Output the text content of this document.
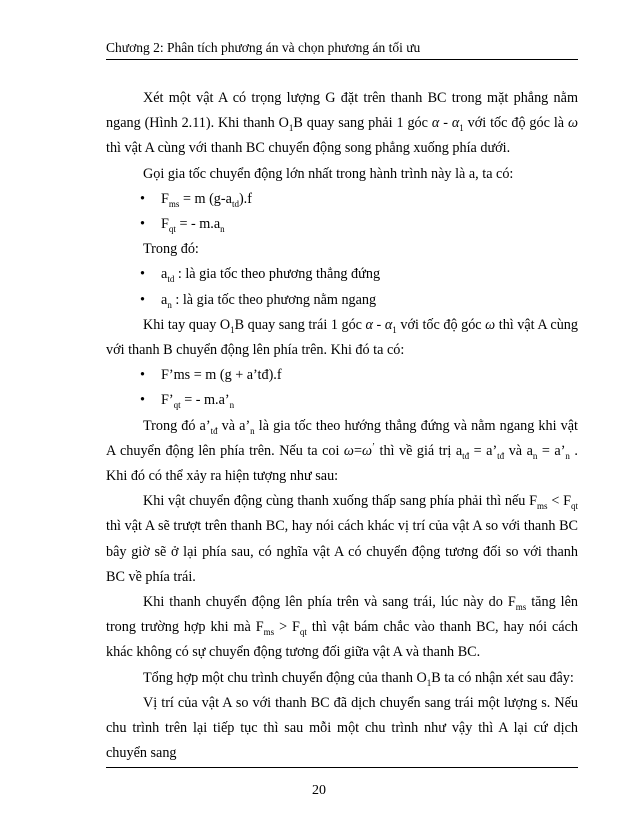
Chương 2: Phân tích phương án và chọn phương án tối ưu
Xét một vật A có trọng lượng G đặt trên thanh BC trong mặt phẳng nằm ngang (Hình 2.11). Khi thanh $O_1B$ quay sang phải 1 góc α - $\alpha_1$ với tốc độ góc là ω thì vật A cùng với thanh BC chuyển động song phẳng xuống phía dưới.
Gọi gia tốc chuyển động lớn nhất trong hành trình này là a, ta có:
• $F_{ms} = m$ $(g-a_{td}).f$
• $F_{qt}$ = - $m.a_n$
Trong đó:
• $a_{td}$ : là gia tốc theo phương thẳng đứng
• $a_n$ : là gia tốc theo phương nằm ngang
Khi tay quay $O_1B$ quay sang trái 1 góc α - $\alpha_1$ với tốc độ góc ω thì vật A cùng với thanh B chuyển động lên phía trên. Khi đó ta có:
• F’ms = m (g + a’tđ).f
• $F’_{qt}$ = - $m.a’_n$
Trong đó $a’_{tđ}$ và $a’_n$ là gia tốc theo hướng thẳng đứng và nằm ngang khi vật A chuyển động lên phía trên. Nếu ta coi ω=ω’ thì về giá trị $a_{tđ}$ = $a’_{tđ}$ và $a_n$ = $a’_n$ . Khi đó có thể xảy ra hiện tượng như sau:
Khi vật chuyển động cùng thanh xuống thấp sang phía phải thì nếu $F_{ms} < F_{qt}$ thì vật A sẽ trượt trên thanh BC, hay nói cách khác vị trí của vật A so với thanh BC bây giờ sẽ ở lại phía sau, có nghĩa vật A có chuyển động tương đối so với thanh BC về phía trái.
Khi thanh chuyển động lên phía trên và sang trái, lúc này do $F_{ms}$ tăng lên trong trường hợp khi mà $F_{ms} > F_{qt}$ thì vật bám chắc vào thanh BC, hay nói cách khác không có sự chuyển động tương đối giữa vật A và thanh BC.
Tổng hợp một chu trình chuyển động của thanh $O_1B$ ta có nhận xét sau đây:
Vị trí của vật A so với thanh BC đã dịch chuyển sang trái một lượng s. Nếu chu trình trên lại tiếp tục thì sau mỗi một chu trình như vậy thì A lại cứ dịch chuyển sang
20
